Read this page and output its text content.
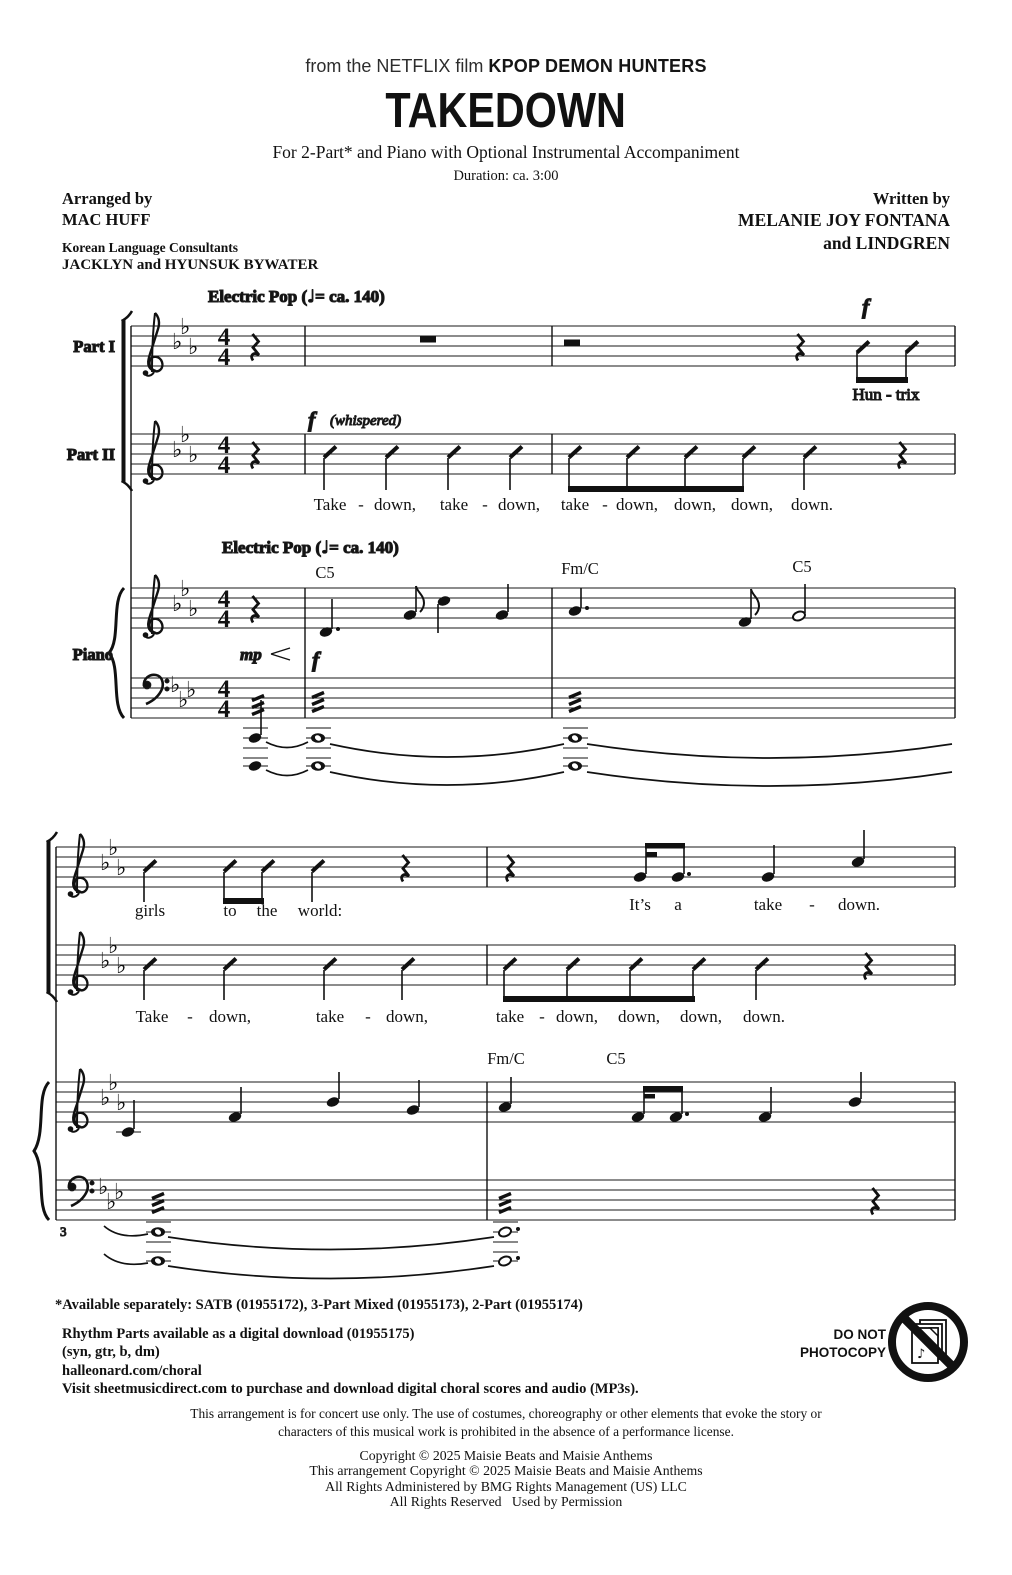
from the NETFLIX film KPOP DEMON HUNTERS
TAKEDOWN
For 2-Part* and Piano with Optional Instrumental Accompaniment
Duration: ca. 3:00
Arranged by
MAC HUFF
Korean Language Consultants
JACKLYN and HYUNSUK BYWATER
Written by
MELANIE JOY FONTANA
and LINDGREN
Part I
Part II
Piano
♭
♭
♭
♭
♭
♭
♭
♭
♭
♭
♭
♭
4
4
4
4
4
4
4
4
Electric Pop (♩= ca. 140)
Electric Pop (♩= ca. 140)
f
Hun - trix
f (whispered)
Take - down, take - down, take - down, down, down, down.
C5	Fm/C	C5
mp f
♭
♭
♭
♭
♭
♭
♭
♭
♭
♭
♭
♭
3
girls	to the world:	It’s a	take - down.
Take - down,	take - down,	take - down, down, down, down.
Fm/C	C5
*Available separately: SATB (01955172), 3-Part Mixed (01955173), 2-Part (01955174)
Rhythm Parts available as a digital download (01955175)
(syn, gtr, b, dm)
halleonard.com/choral
Visit sheetmusicdirect.com to purchase and download digital choral scores and audio (MP3s).
DO NOT
PHOTOCOPY ♪
This arrangement is for concert use only. The use of costumes, choreography or other elements that evoke the story or characters of this musical work is prohibited in the absence of a performance license.
Copyright © 2025 Maisie Beats and Maisie Anthems
This arrangement Copyright © 2025 Maisie Beats and Maisie Anthems
All Rights Administered by BMG Rights Management (US) LLC
All Rights Reserved   Used by Permission
